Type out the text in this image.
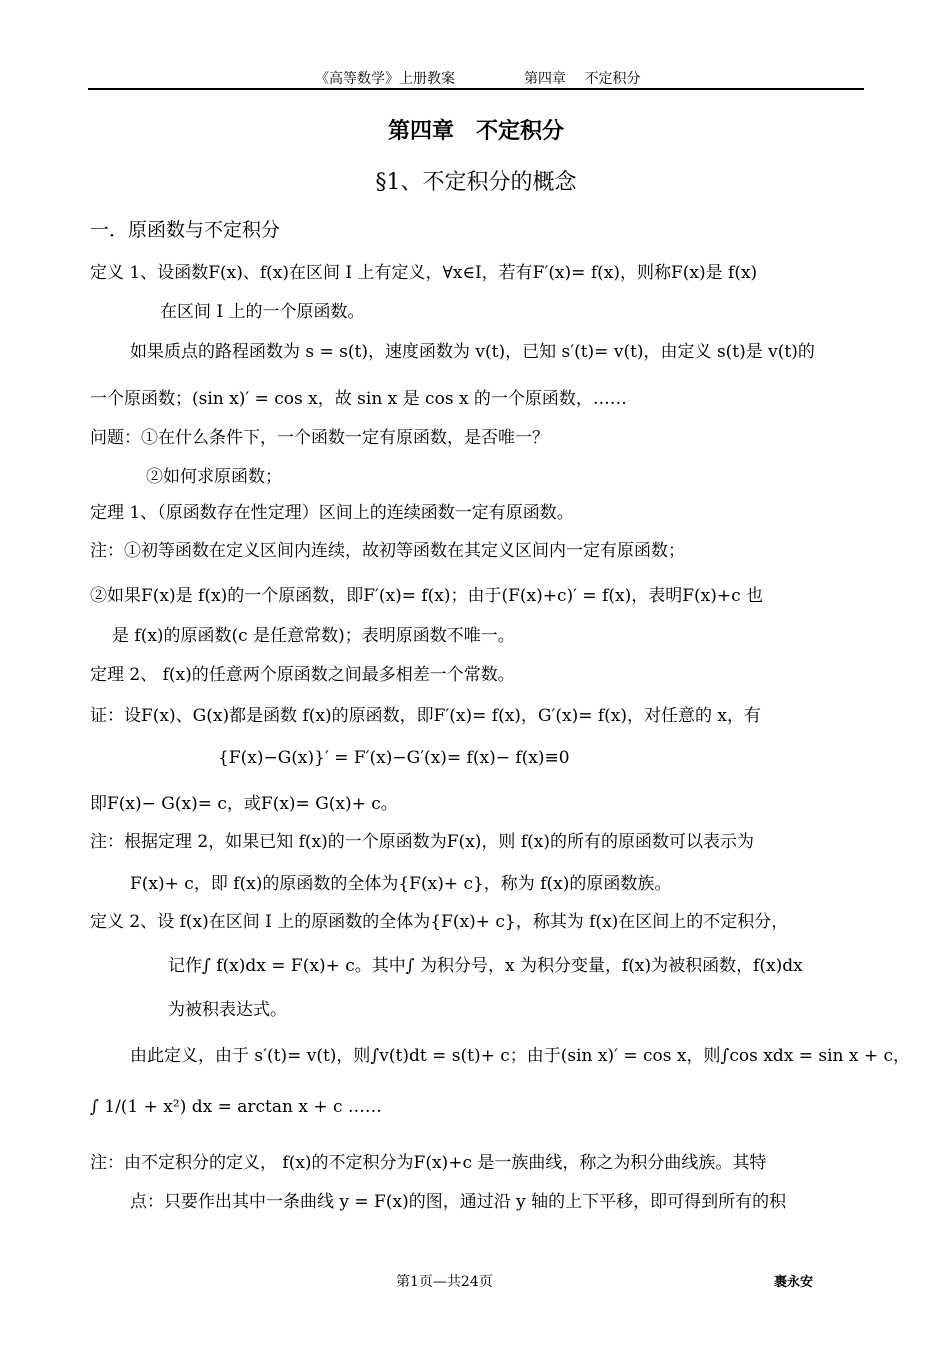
《高等数学》上册教案	第四章　 不定积分
第四章　不定积分
§1、不定积分的概念
一．原函数与不定积分
定义 1、设函数F(x)、f(x)在区间 I 上有定义，∀x∈I，若有F′(x)= f(x)，则称F(x)是 f(x)
在区间 I 上的一个原函数。
如果质点的路程函数为 s = s(t)，速度函数为 v(t)，已知 s′(t)= v(t)，由定义 s(t)是 v(t)的
一个原函数；(sin x)′ = cos x，故 sin x 是 cos x 的一个原函数，……
问题：①在什么条件下，一个函数一定有原函数，是否唯一？
②如何求原函数；
定理 1、（原函数存在性定理）区间上的连续函数一定有原函数。
注：①初等函数在定义区间内连续，故初等函数在其定义区间内一定有原函数；
②如果F(x)是 f(x)的一个原函数，即F′(x)= f(x)；由于(F(x)+c)′ = f(x)，表明F(x)+c 也
是 f(x)的原函数(c 是任意常数)；表明原函数不唯一。
定理 2、 f(x)的任意两个原函数之间最多相差一个常数。
证：设F(x)、G(x)都是函数 f(x)的原函数，即F′(x)= f(x)，G′(x)= f(x)，对任意的 x，有
{F(x)−G(x)}′ = F′(x)−G′(x)= f(x)− f(x)≡0
即F(x)− G(x)= c，或F(x)= G(x)+ c。
注：根据定理 2，如果已知 f(x)的一个原函数为F(x)，则 f(x)的所有的原函数可以表示为
F(x)+ c，即 f(x)的原函数的全体为{F(x)+ c}，称为 f(x)的原函数族。
定义 2、设 f(x)在区间 I 上的原函数的全体为{F(x)+ c}，称其为 f(x)在区间上的不定积分，
记作∫ f(x)dx = F(x)+ c。其中∫ 为积分号，x 为积分变量，f(x)为被积函数，f(x)dx
为被积表达式。
由此定义，由于 s′(t)= v(t)，则∫v(t)dt = s(t)+ c；由于(sin x)′ = cos x，则∫cos xdx = sin x + c，
∫ 1/(1 + x²) dx = arctan x + c ……
注：由不定积分的定义， f(x)的不定积分为F(x)+c 是一族曲线，称之为积分曲线族。其特
点：只要作出其中一条曲线 y = F(x)的图，通过沿 y 轴的上下平移，即可得到所有的积
第1页—共24页	裹永安
